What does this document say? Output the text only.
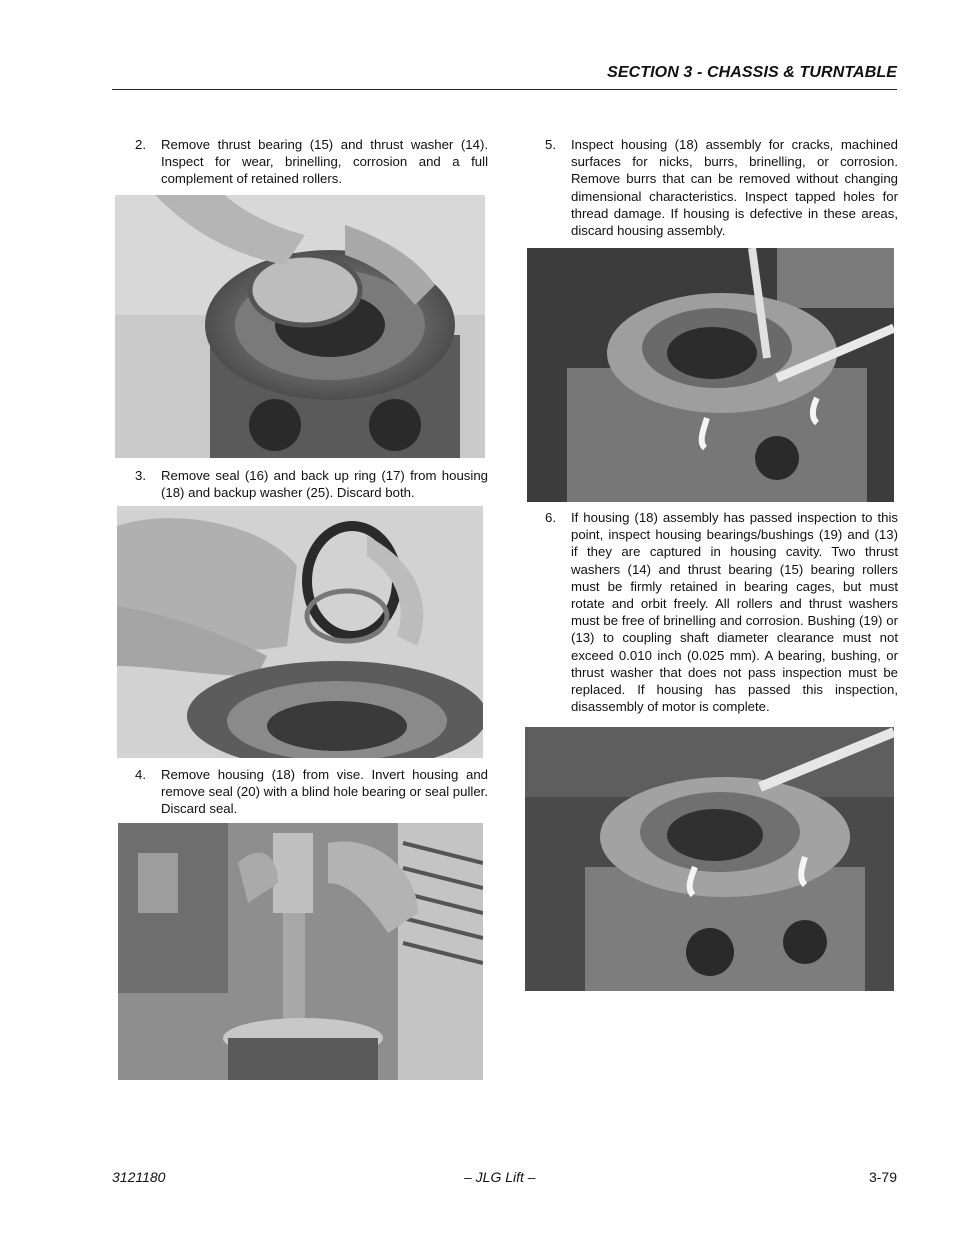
SECTION 3 - CHASSIS & TURNTABLE
2. Remove thrust bearing (15) and thrust washer (14). Inspect for wear, brinelling, corrosion and a full complement of retained rollers.
3. Remove seal (16) and back up ring (17) from housing (18) and backup washer (25). Discard both.
4. Remove housing (18) from vise. Invert housing and remove seal (20) with a blind hole bearing or seal puller. Discard seal.
5. Inspect housing (18) assembly for cracks, machined surfaces for nicks, burrs, brinelling, or corrosion. Remove burrs that can be removed without changing dimensional characteristics. Inspect tapped holes for thread damage. If housing is defective in these areas, discard housing assembly.
6. If housing (18) assembly has passed inspection to this point, inspect housing bearings/bushings (19) and (13) if they are captured in housing cavity. Two thrust washers (14) and thrust bearing (15) bearing rollers must be firmly retained in bearing cages, but must rotate and orbit freely. All rollers and thrust washers must be free of brinelling and corrosion. Bushing (19) or (13) to coupling shaft diameter clearance must not exceed 0.010 inch (0.025 mm). A bearing, bushing, or thrust washer that does not pass inspection must be replaced. If housing has passed this inspection, disassembly of motor is complete.
3121180	– JLG Lift –	3-79
